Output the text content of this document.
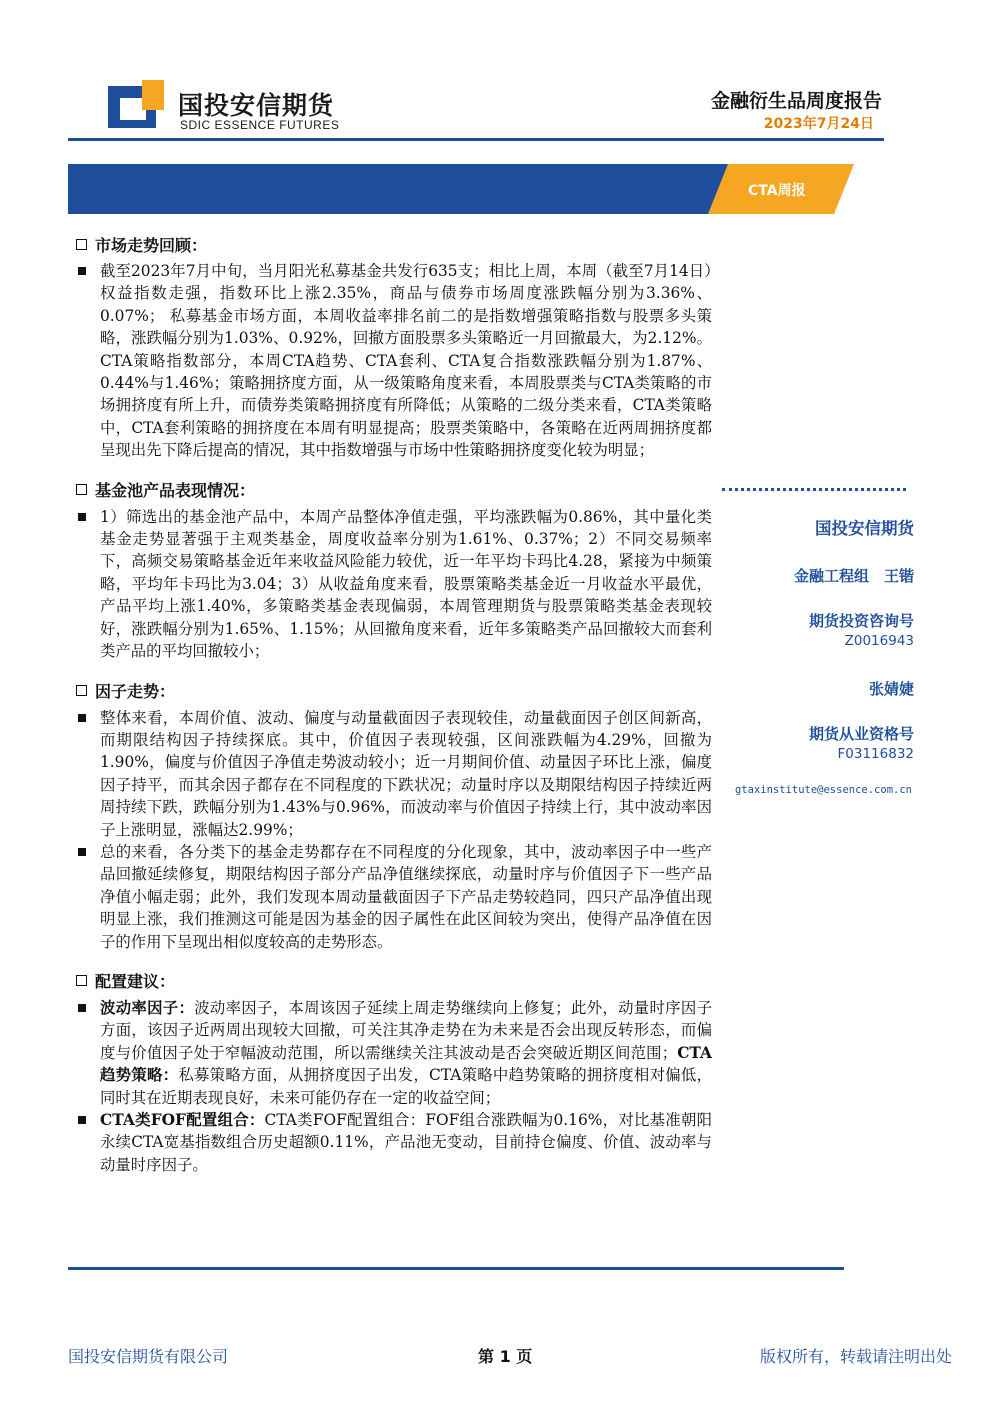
国投安信期货
SDIC ESSENCE FUTURES
金融衍生品周度报告
2023年7月24日
指增、股票多头策略领涨	CTA周报
市场走势回顾：
截至2023年7月中旬，当月阳光私募基金共发行635支；相比上周，本周（截至7月14日）权益指数走强，指数环比上涨2.35%，商品与债券市场周度涨跌幅分别为3.36%、0.07%； 私募基金市场方面，本周收益率排名前二的是指数增强策略指数与股票多头策略，涨跌幅分别为1.03%、0.92%，回撤方面股票多头策略近一月回撤最大，为2.12%。 CTA策略指数部分，本周CTA趋势、CTA套利、CTA复合指数涨跌幅分别为1.87%、0.44%与1.46%；策略拥挤度方面，从一级策略角度来看，本周股票类与CTA类策略的市场拥挤度有所上升，而债券类策略拥挤度有所降低；从策略的二级分类来看，CTA类策略中，CTA套利策略的拥挤度在本周有明显提高；股票类策略中，各策略在近两周拥挤度都呈现出先下降后提高的情况，其中指数增强与市场中性策略拥挤度变化较为明显；
基金池产品表现情况：
1）筛选出的基金池产品中，本周产品整体净值走强，平均涨跌幅为0.86%，其中量化类基金走势显著强于主观类基金，周度收益率分别为1.61%、0.37%；2）不同交易频率下，高频交易策略基金近年来收益风险能力较优，近一年平均卡玛比4.28，紧接为中频策略，平均年卡玛比为3.04；3）从收益角度来看，股票策略类基金近一月收益水平最优，产品平均上涨1.40%，多策略类基金表现偏弱，本周管理期货与股票策略类基金表现较好，涨跌幅分别为1.65%、1.15%；从回撤角度来看，近年多策略类产品回撤较大而套利类产品的平均回撤较小；
因子走势：
整体来看，本周价值、波动、偏度与动量截面因子表现较佳，动量截面因子创区间新高，而期限结构因子持续探底。其中，价值因子表现较强，区间涨跌幅为4.29%，回撤为1.90%，偏度与价值因子净值走势波动较小；近一月期间价值、动量因子环比上涨，偏度因子持平，而其余因子都存在不同程度的下跌状况；动量时序以及期限结构因子持续近两周持续下跌，跌幅分别为1.43%与0.96%，而波动率与价值因子持续上行，其中波动率因子上涨明显，涨幅达2.99%；
总的来看，各分类下的基金走势都存在不同程度的分化现象，其中，波动率因子中一些产品回撤延续修复，期限结构因子部分产品净值继续探底，动量时序与价值因子下一些产品净值小幅走弱；此外，我们发现本周动量截面因子下产品走势较趋同，四只产品净值出现明显上涨，我们推测这可能是因为基金的因子属性在此区间较为突出，使得产品净值在因子的作用下呈现出相似度较高的走势形态。
配置建议：
波动率因子：波动率因子，本周该因子延续上周走势继续向上修复；此外，动量时序因子方面，该因子近两周出现较大回撤，可关注其净走势在为未来是否会出现反转形态，而偏度与价值因子处于窄幅波动范围，所以需继续关注其波动是否会突破近期区间范围；CTA趋势策略：私募策略方面，从拥挤度因子出发，CTA策略中趋势策略的拥挤度相对偏低，同时其在近期表现良好，未来可能仍存在一定的收益空间；
CTA类FOF配置组合：CTA类FOF配置组合：FOF组合涨跌幅为0.16%，对比基准朝阳永续CTA宽基指数组合历史超额0.11%，产品池无变动，目前持仓偏度、价值、波动率与动量时序因子。
国投安信期货
金融工程组　王锴
期货投资咨询号
Z0016943
张婧婕
期货从业资格号
F03116832
gtaxinstitute@essence.com.cn
国投安信期货有限公司	第 1 页	版权所有，转载请注明出处
